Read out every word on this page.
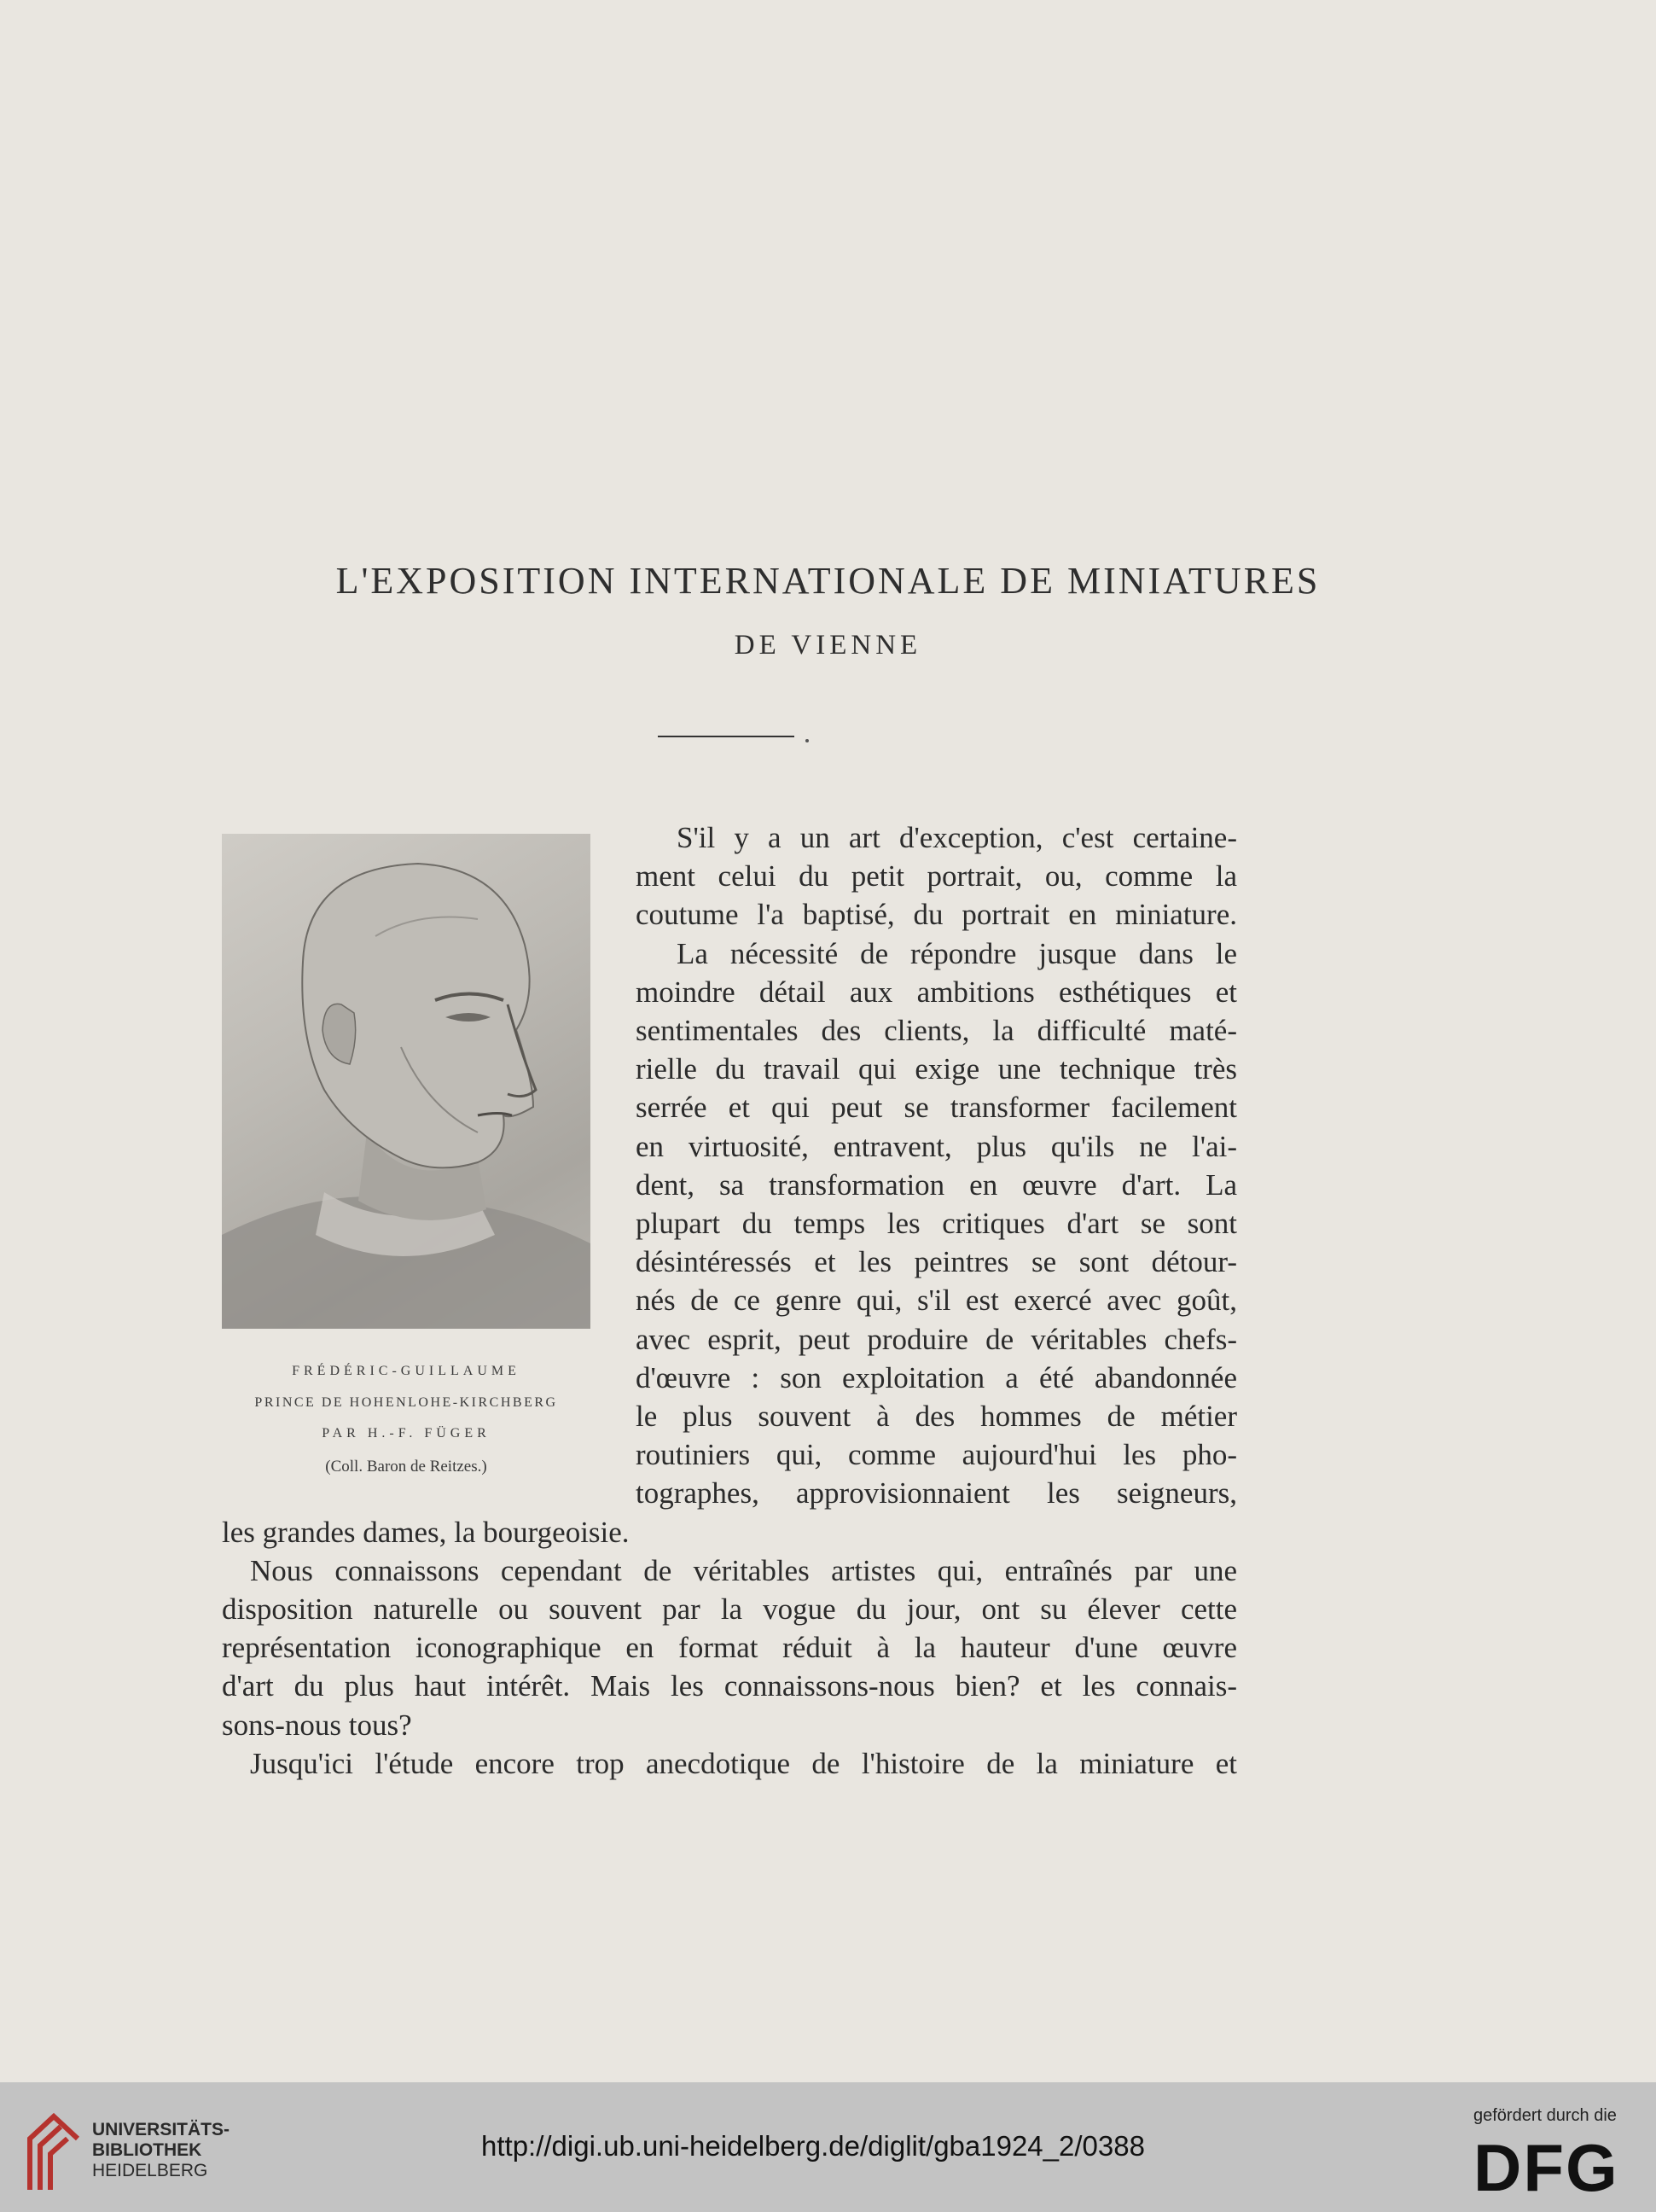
L'EXPOSITION INTERNATIONALE DE MINIATURES
DE VIENNE
FRÉDÉRIC-GUILLAUME
PRINCE DE HOHENLOHE-KIRCHBERG
PAR H.-F. FÜGER
(Coll. Baron de Reitzes.)
S'il y a un art d'exception, c'est certaine-
ment celui du petit portrait, ou, comme la
coutume l'a baptisé, du portrait en miniature.
La nécessité de répondre jusque dans le
moindre détail aux ambitions esthétiques et
sentimentales des clients, la difficulté maté-
rielle du travail qui exige une technique très
serrée et qui peut se transformer facilement
en virtuosité, entravent, plus qu'ils ne l'ai-
dent, sa transformation en œuvre d'art. La
plupart du temps les critiques d'art se sont
désintéressés et les peintres se sont détour-
nés de ce genre qui, s'il est exercé avec goût,
avec esprit, peut produire de véritables chefs-
d'œuvre : son exploitation a été abandonnée
le plus souvent à des hommes de métier
routiniers qui, comme aujourd'hui les pho-
tographes, approvisionnaient les seigneurs,
les grandes dames, la bourgeoisie.
Nous connaissons cependant de véritables artistes qui, entraînés par une
disposition naturelle ou souvent par la vogue du jour, ont su élever cette
représentation iconographique en format réduit à la hauteur d'une œuvre
d'art du plus haut intérêt. Mais les connaissons-nous bien? et les connais-
sons-nous tous?
Jusqu'ici l'étude encore trop anecdotique de l'histoire de la miniature et
UNIVERSITÄTS-
BIBLIOTHEK
HEIDELBERG
http://digi.ub.uni-heidelberg.de/diglit/gba1924_2/0388
gefördert durch die
DFG
